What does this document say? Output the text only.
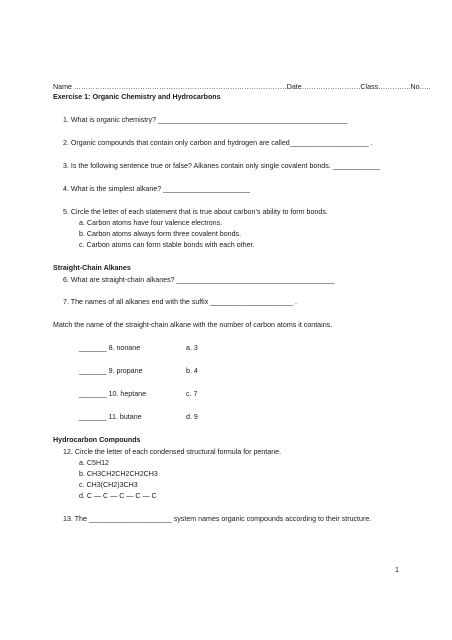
Name ………………………………………………………………………………Date…………………….Class…………..No…..
Exercise 1: Organic Chemistry and Hydrocarbons
1. What is organic chemistry? ________________________________________________
2. Organic compounds that contain only carbon and hydrogen are called____________________ .
3. Is the following sentence true or false? Alkanes contain only single covalent bonds. ____________
4. What is the simplest alkane? ______________________
5. Circle the letter of each statement that is true about carbon’s ability to form bonds.
a. Carbon atoms have four valence electrons.
b. Carbon atoms always form three covalent bonds.
c. Carbon atoms can form stable bonds with each other.
Straight-Chain Alkanes
6. What are straight-chain alkanes? ________________________________________
7. The names of all alkanes end with the suffix _____________________ .
Match the name of the straight-chain alkane with the number of carbon atoms it contains.
_______ 8. nonane	a. 3
_______ 9. propane	b. 4
_______ 10. heptane	c. 7
_______ 11. butane	d. 9
Hydrocarbon Compounds
12. Circle the letter of each condensed structural formula for pentane.
a. C5H12
b. CH3CH2CH2CH2CH3
c. CH3(CH2)3CH3
d. C — C — C — C — C
13. The _____________________ system names organic compounds according to their structure.
1
